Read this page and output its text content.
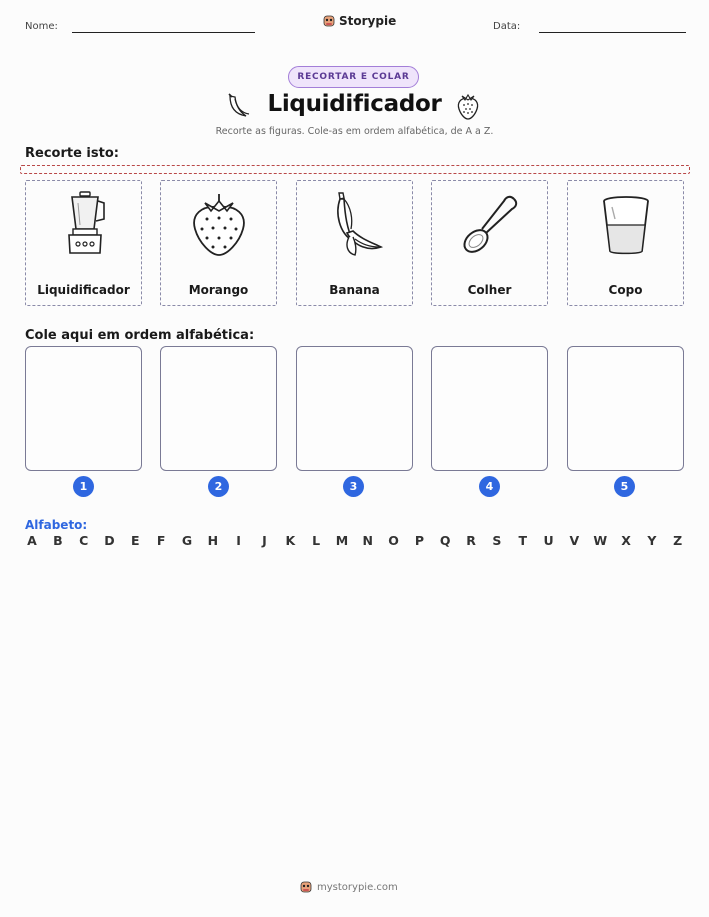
Nome:	Storypie	Data:
RECORTAR E COLAR
Liquidificador
Recorte as figuras. Cole-as em ordem alfabética, de A a Z.
Recorte isto:
Liquidificador	Morango	Banana	Colher	Copo
Cole aqui em ordem alfabética:
1	2	3	4	5
Alfabeto:
A B C D E F G H	I	J	K L M N O P Q R S T U V W X Y Z
mystorypie.com
